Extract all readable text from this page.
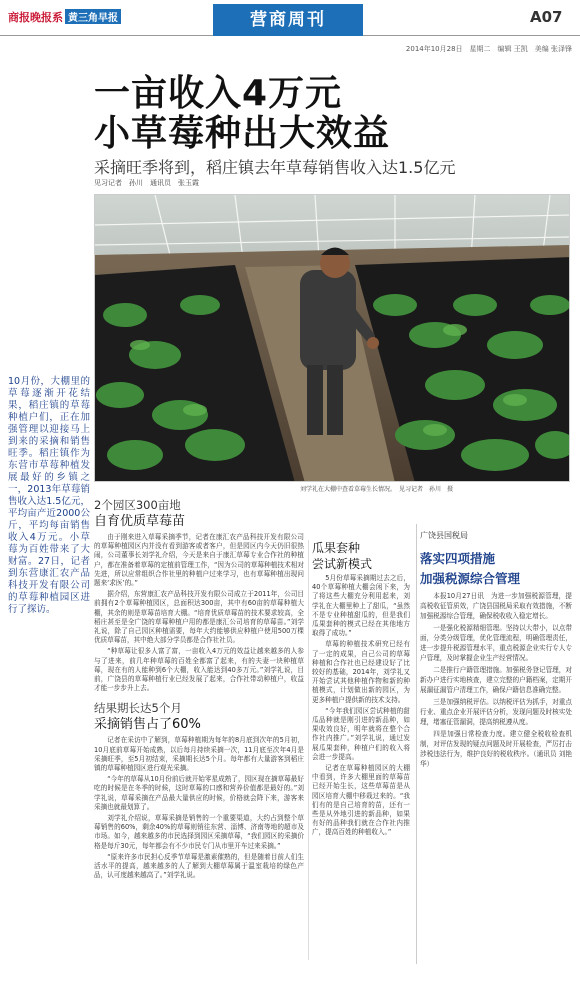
商报晚报系 黄三角早报	营商周刊	A07
2014年10月28日　星期二　编辑 王凯　美编 张泽锋
一亩收入4万元
小草莓种出大效益
采摘旺季将到，稻庄镇去年草莓销售收入达1.5亿元
见习记者　孙川　通讯员　张玉霞
刘学礼在大棚中查看草莓生长情况。　见习记者　孙川　摄
10月份，大棚里的草莓逐渐开花结果，稻庄镇的草莓种植户们，正在加强管理以迎接马上到来的采摘和销售旺季。稻庄镇作为东营市草莓种植发展最好的乡镇之一，2013年草莓销售收入达1.5亿元，平均亩产近2000公斤，平均每亩销售收入4万元。小草莓为百姓带来了大财富。27日，记者到东营康汇农产品科技开发有限公司的草莓种植园区进行了探访。
2个园区300亩地
自育优质草莓苗

由于刚来进入草莓采摘季节，记者在康汇农产品科技开发有限公司的草莓种植园区内并没有看到游客或者客户，但是园区内今天仍旧很热闹，公司董事长刘学礼介绍，今天是来自于康汇草莓专业合作社的种植户，都在准备着草莓的定植前管理工作，“因为公司的草莓种植技术相对先进，所以应常组织合作社里的种植户过来学习，也有草莓种植出现问题来‘求医’的。”

据介绍，东营康汇农产品科技开发有限公司成立于2011年，公司目前拥有2个草莓种植园区，总面积达300亩，其中有60亩的草莓种植大棚，其余的则是草莓苗培育大棚。“培育优质草莓苗的技术要求较高，全稻庄甚至是全广饶的草莓种植户用的都是康汇公司培育的草莓苗。”刘学礼说，除了自己园区种植需要，每年大约能够供应种植户使用500万棵优质草莓苗，其中绝大部分学员都是合作社社员。

“种草莓让很多人富了富，一亩收入4万元的效益让越来越多的人参与了进来，前几年种草莓的百姓全都富了起来，有的夫妻一块种植草莓，现在有的人能种到6个大棚，收入能达到40多万元。”刘学礼说，目前，广饶县的草莓种植行业已经发展了起来，合作社带动种植户，收益才能一步步升上去。

结果期长达5个月
采摘销售占了60%

记者在采访中了解到，草莓种植期为每年的8月底到次年的5月初，10月底前草莓开始成熟，以后每月持续采摘一次，11月底至次年4月是采摘旺季，至5月初结束，采摘期长达5个月。每年都有大量游客到稻庄镇的草莓种植园区进行观光采摘。

“今年的草莓从10月份前后就开始零星成熟了，园区现在摘草莓最好吃的时候是在冬季的时候，这时草莓的口感和营养价值都是最好的。”刘学礼说，草莓采摘在产品最大量供应的时候，价格就会降下来，游客来采摘也就最划算了。

刘学礼介绍说，草莓采摘是销售的一个重要渠道，大约占到整个草莓销售的60%，剩余40%的草莓则销往东营、淄博、济南等地的超市及市场。如今，越来越多的市民选择到园区采摘草莓，“我们园区的采摘价格是每斤30元，每年都会有不少市民专门从市里开车过来采摘。”

“原来许多市民担心反季节草莓是激素催熟的，但是随着目前人们生活水平的提高，越来越多的人了解到大棚草莓属于温室栽培的绿色产品，认可度越来越高了。”刘学礼说。

瓜果套种
尝试新模式

5月份草莓采摘期过去之后，40个草莓种植大棚会闲下来，为了将这些大棚充分利用起来，刘学礼在大棚里种上了甜瓜，“虽然不是专业种植甜瓜的，但是我们瓜果套种的模式已经在其他地方取得了成功。”

草莓的种植技术研究已经有了一定的成果，自己公司的草莓种植和合作社也已经建设好了比较好的基础，2014年，刘学礼又开始尝试其他种植作物和新的种植模式，计划做出新的园区，为更多种植户提供新的技术支持。

“今年我们园区尝试种植的甜瓜品种就是刚引进的新品种，如果收效良好，明年就将在整个合作社内推广。”刘学礼说，通过发展瓜果套种，种植户们的收入将会进一步提高。

记者在草莓种植园区的大棚中看到，许多大棚里面的草莓苗已经开始生长，这些草莓苗是从园区培育大棚中移栽过来的。“我们有的是自己培育的苗，还有一些是从外地引进的新品种，如果有好的品种我们就在合作社内推广，提高百姓的种植收入。”

广饶县国税局
落实四项措施
加强税源综合管理

本报10月27日讯　为进一步加强税源管理，提高税收征管质效，广饶县国税局采取有效措施，不断加强税源综合管理，确保税收收入稳定增长。

一是强化税源精细管理。坚持以大带小，以点带面，分类分级管理，优化管理流程，明确管理责任，进一步提升税源管理水平，重点税源企业实行专人专户管理，及时掌握企业生产经营情况。

二是推行户籍管理措施。加强税务登记管理，对新办户进行实地核查，建立完整的户籍档案，定期开展漏征漏管户清理工作，确保户籍信息准确完整。

三是加强纳税评估。以纳税评估为抓手，对重点行业、重点企业开展评估分析，发现问题及时核实处理，堵塞征管漏洞，提高纳税遵从度。

四是加强日常检查力度。建立健全税收检查机制，对评估发现的疑点问题及时开展检查，严厉打击涉税违法行为，维护良好的税收秩序。（通讯员 刘艳华）
